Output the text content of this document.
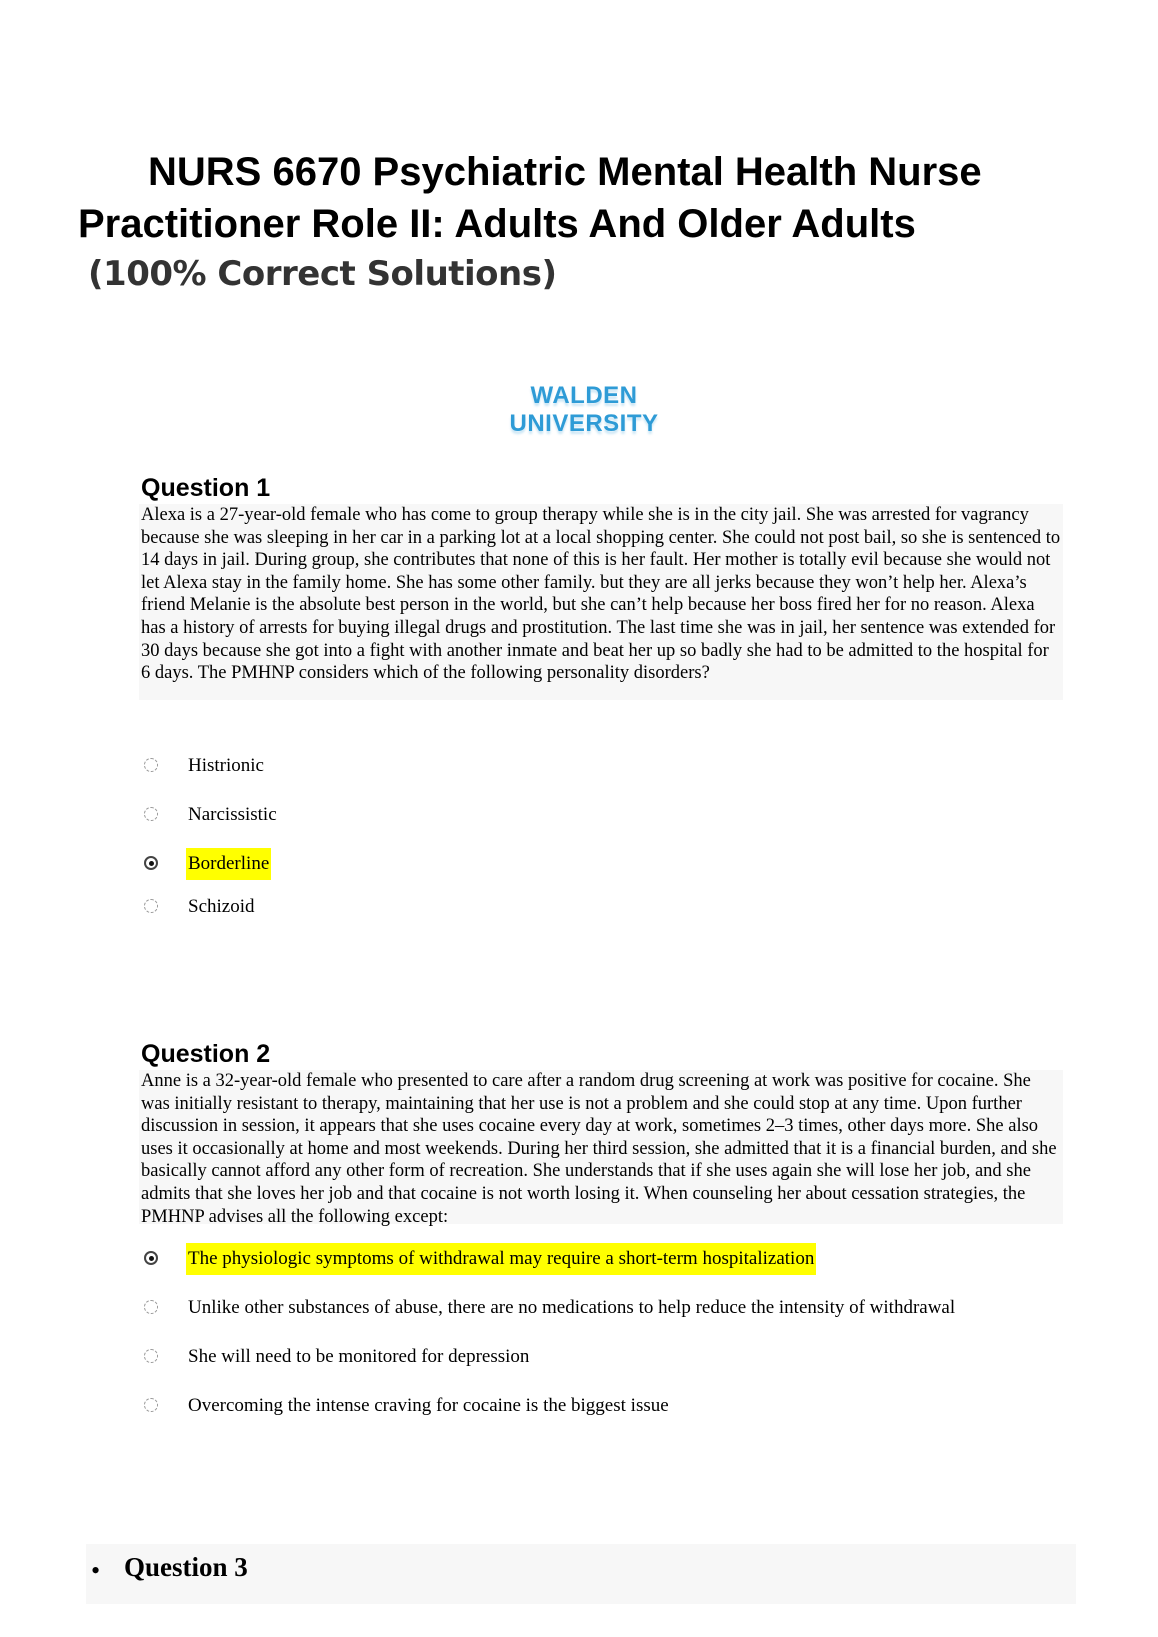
NURS 6670 Psychiatric Mental Health Nurse
Practitioner Role II: Adults And Older Adults
(100% Correct Solutions)
WALDEN UNIVERSITY
Question 1
Alexa is a 27-year-old female who has come to group therapy while she is in the city jail. She was arrested for vagrancy because she was sleeping in her car in a parking lot at a local shopping center. She could not post bail, so she is sentenced to 14 days in jail. During group, she contributes that none of this is her fault. Her mother is totally evil because she would not let Alexa stay in the family home. She has some other family. but they are all jerks because they won’t help her. Alexa’s friend Melanie is the absolute best person in the world, but she can’t help because her boss fired her for no reason. Alexa has a history of arrests for buying illegal drugs and prostitution. The last time she was in jail, her sentence was extended for 30 days because she got into a fight with another inmate and beat her up so badly she had to be admitted to the hospital for 6 days. The PMHNP considers which of the following personality disorders?
Histrionic
Narcissistic
Borderline
Schizoid
Question 2
Anne is a 32-year-old female who presented to care after a random drug screening at work was positive for cocaine. She was initially resistant to therapy, maintaining that her use is not a problem and she could stop at any time. Upon further discussion in session, it appears that she uses cocaine every day at work, sometimes 2–3 times, other days more. She also uses it occasionally at home and most weekends. During her third session, she admitted that it is a financial burden, and she basically cannot afford any other form of recreation. She understands that if she uses again she will lose her job, and she admits that she loves her job and that cocaine is not worth losing it. When counseling her about cessation strategies, the PMHNP advises all the following except:
The physiologic symptoms of withdrawal may require a short-term hospitalization
Unlike other substances of abuse, there are no medications to help reduce the intensity of withdrawal
She will need to be monitored for depression
Overcoming the intense craving for cocaine is the biggest issue
• Question 3
